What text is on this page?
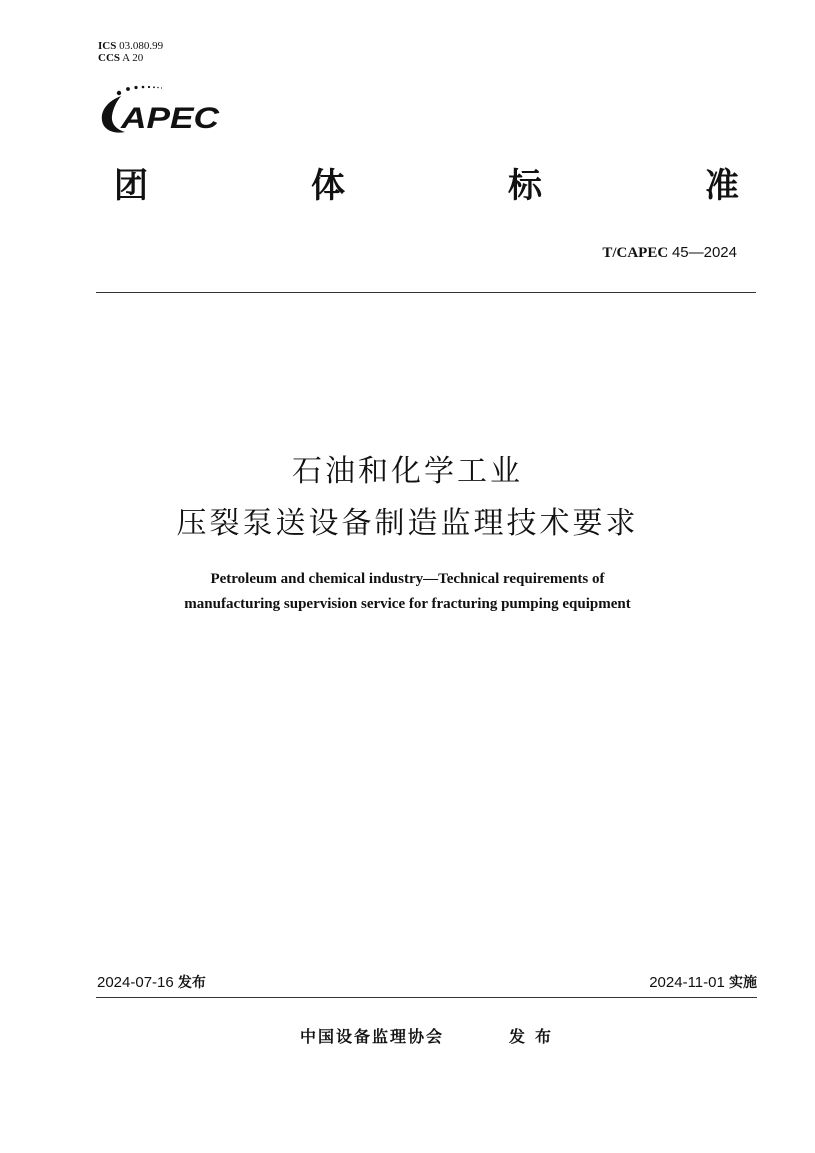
ICS 03.080.99
CCS A 20
APEC
团	体	标	准
T/CAPEC 45—2024
石油和化学工业
压裂泵送设备制造监理技术要求
Petroleum and chemical industry—Technical requirements of
manufacturing supervision service for fracturing pumping equipment
2024-07-16 发布	2024-11-01 实施
中国设备监理协会	发布
